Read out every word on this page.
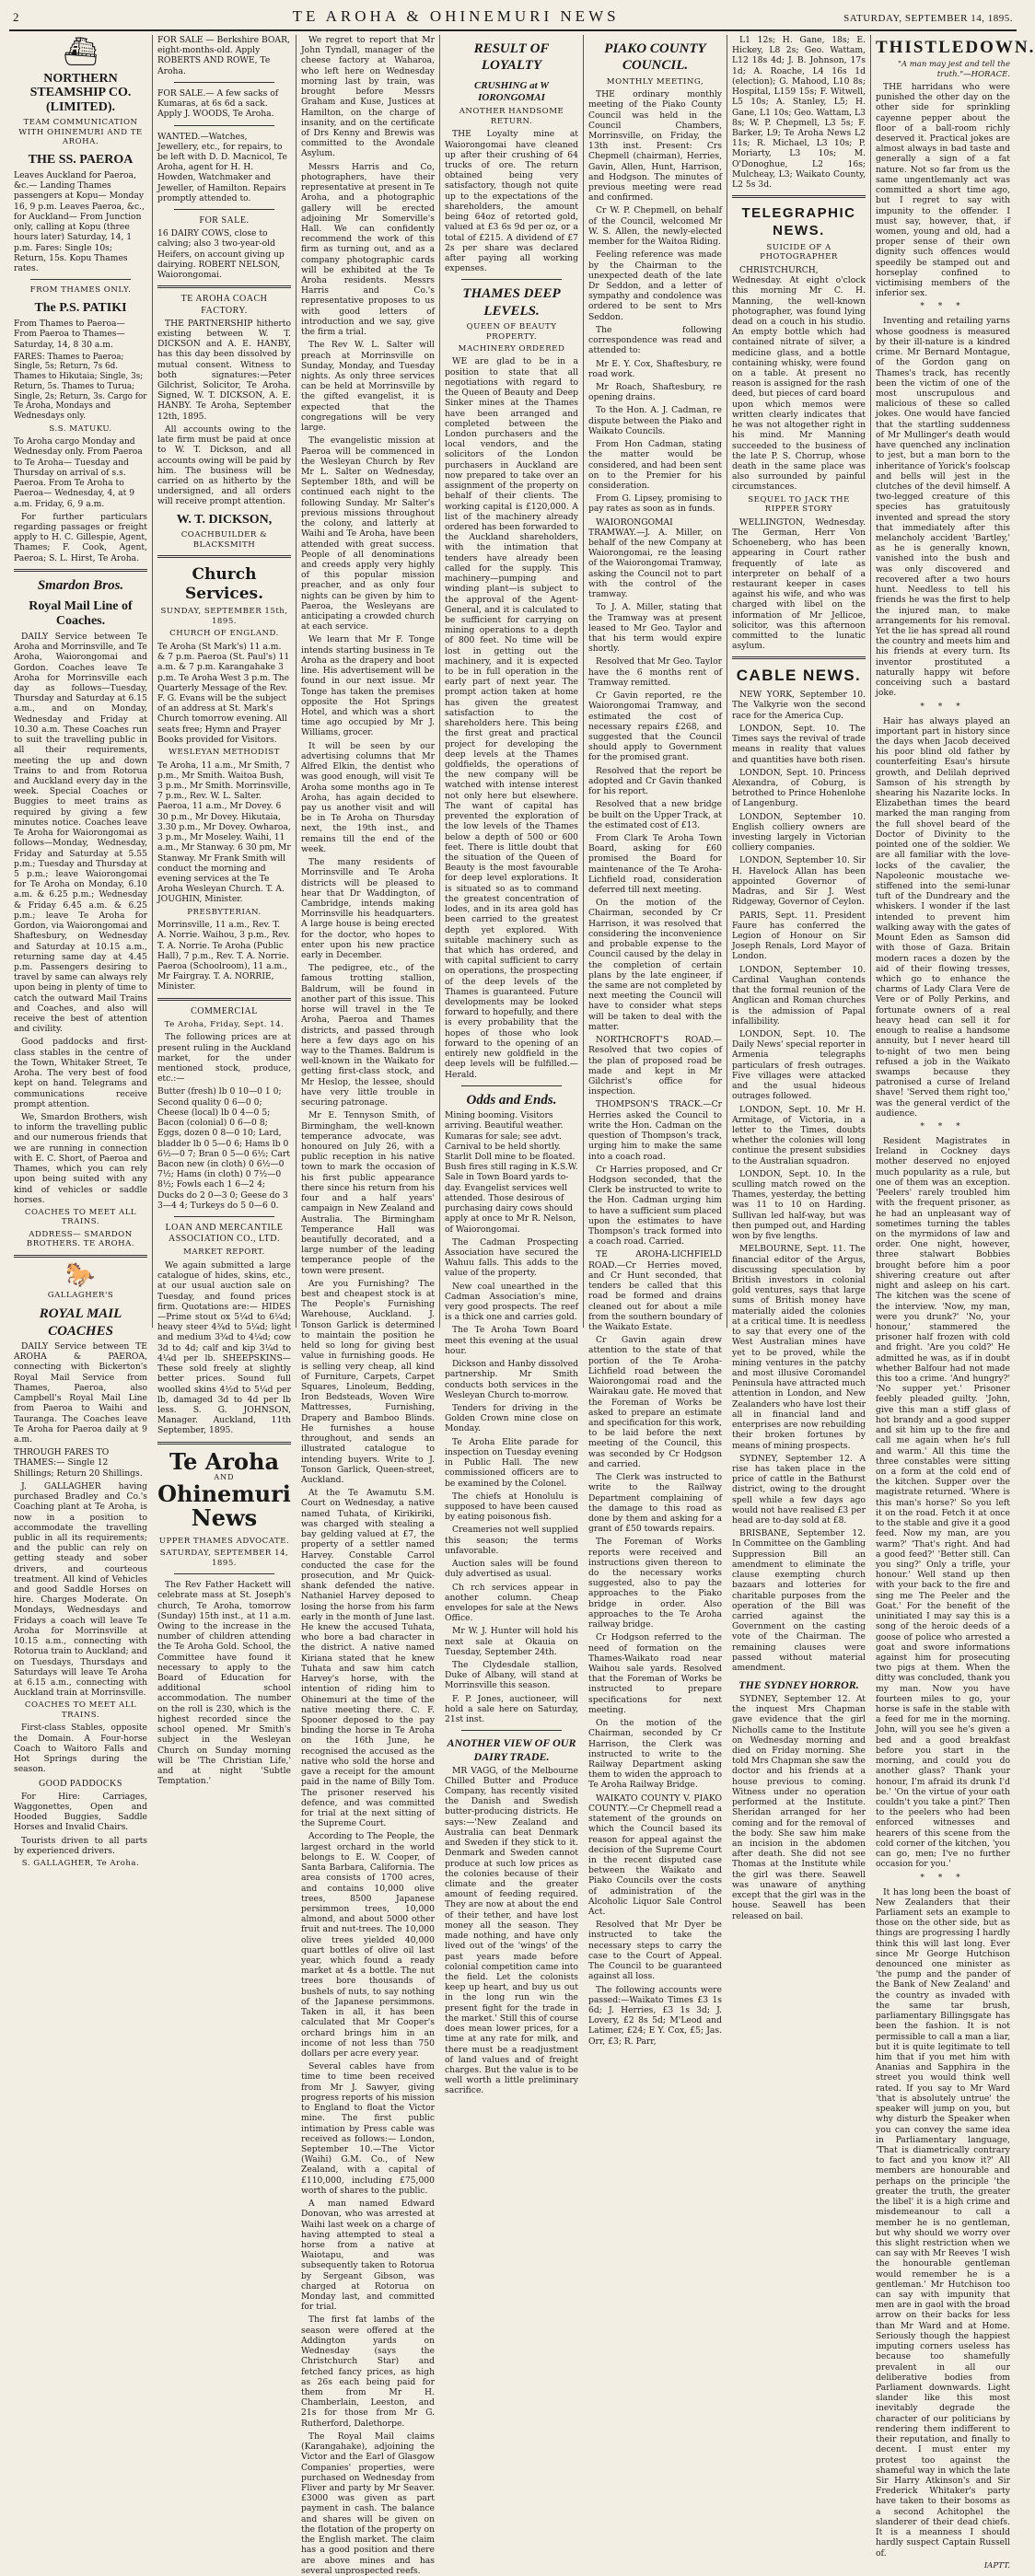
2	TE AROHA & OHINEMURI NEWS	SATURDAY, SEPTEMBER 14, 1895.
⛴
NORTHERN STEAMSHIP CO. (LIMITED).
TEAM COMMUNICATION WITH OHINEMURI AND TE AROHA.
THE SS. PAEROA

Leaves Auckland for Paeroa, &c.— Landing Thames passengers at Kopu— Monday 16, 9 p.m. Leaves Paeroa, &c., for Auckland— From Junction only, calling at Kopu (three hours later) Saturday, 14, 1 p.m. Fares: Single 10s; Return, 15s. Kopu Thames rates.

FROM THAMES ONLY.
The P.S. PATIKI

From Thames to Paeroa— From Paeroa to Thames— Saturday, 14, 8 30 a.m.

FARES: Thames to Paeroa; Single, 5s; Return, 7s 6d. Thames to Hikutaia; Single, 3s; Return, 5s. Thames to Turua; Single, 2s; Return, 3s. Cargo for Te Aroha, Mondays and Wednesdays only.

S.S. MATUKU.

To Aroha cargo Monday and Wednesday only. From Paeroa to Te Aroha— Tuesday and Thursday on arrival of s.s. Paeroa. From Te Aroha to Paeroa— Wednesday, 4, at 9 a.m. Friday, 6, 9 a.m.

For further particulars regarding passages or freight apply to H. C. Gillespie, Agent, Thames; F. Cook, Agent, Paeroa; S. L. Hirst, Te Aroha.

Smardon Bros.
Royal Mail Line of Coaches.

DAILY Service between Te Aroha and Morrinsville, and Te Aroha, Waiorongomai and Gordon. Coaches leave Te Aroha for Morrinsville each day as follows—Tuesday, Thursday and Saturday at 6.15 a.m., and on Monday, Wednesday and Friday at 10.30 a.m. These Coaches run to suit the travelling public in all their requirements, meeting the up and down Trains to and from Rotorua and Auckland every day in the week. Special Coaches or Buggies to meet trains as required by giving a few minutes notice. Coaches leave Te Aroha for Waiorongomai as follows—Monday, Wednesday, Friday and Saturday at 5.55 p.m.; Tuesday and Thursday at 5 p.m.; leave Waiorongomai for Te Aroha on Monday, 6.10 a.m. & 6.25 p.m.; Wednesday & Friday 6.45 a.m. & 6.25 p.m.; leave Te Aroha for Gordon, via Waiorongomai and Shaftesbury, on Wednesday and Saturday at 10.15 a.m., returning same day at 4.45 p.m. Passengers desiring to travel by same can always rely upon being in plenty of time to catch the outward Mail Trains and Coaches, and also will receive the best of attention and civility.

Good paddocks and first-class stables in the centre of the Town, Whitaker Street, Te Aroha. The very best of food kept on hand. Telegrams and communications receive prompt attention.

We, Smardon Brothers, wish to inform the travelling public and our numerous friends that we are running in connection with E. C. Short, of Paeroa and Thames, which you can rely upon being suited with any kind of vehicles or saddle horses.

COACHES TO MEET ALL TRAINS.
ADDRESS— SMARDON BROTHERS. TE AROHA.
🐎
GALLAGHER'S
ROYAL MAIL COACHES

DAILY Service between TE AROHA & PAEROA, connecting with Bickerton's Royal Mail Service from Thames, Paeroa, also Campbell's Royal Mail Line from Paeroa to Waihi and Tauranga. The Coaches leave Te Aroha for Paeroa daily at 9 a.m.

THROUGH FARES TO THAMES:— Single 12 Shillings; Return 20 Shillings.

J. GALLAGHER having purchased Bradley and Co.'s Coaching plant at Te Aroha, is now in a position to accommodate the travelling public in all its requirements; and the public can rely on getting steady and sober drivers, and courteous treatment. All kind of Vehicles and good Saddle Horses on hire. Charges Moderate. On Mondays, Wednesdays and Fridays a coach will leave Te Aroha for Morrinsville at 10.15 a.m., connecting with Rotorua train to Auckland; and on Tuesdays, Thursdays and Saturdays will leave Te Aroha at 6.15 a.m., connecting with Auckland train at Morrinsville.

COACHES TO MEET ALL TRAINS.

First-class Stables, opposite the Domain. A Four-horse Coach to Waitoro Falls and Hot Springs during the season.

GOOD PADDOCKS

For Hire: Carriages, Waggonettes, Open and Hooded Buggies, Saddle Horses and Invalid Chairs.

Tourists driven to all parts by experienced drivers.

S. GALLAGHER, Te Aroha.

FOR SALE — Berkshire BOAR, eight-months-old. Apply ROBERTS AND ROWE, Te Aroha.

FOR SALE.— A few sacks of Kumaras, at 6s 6d a sack. Apply J. WOODS, Te Aroha.

WANTED.—Watches, Jewellery, etc., for repairs, to be left with D. D. Macnicol, Te Aroha, agent for H. H. Howden, Watchmaker and Jeweller, of Hamilton. Repairs promptly attended to.

FOR SALE.

16 DAIRY COWS, close to calving; also 3 two-year-old Heifers, on account giving up dairying. ROBERT NELSON, Waiorongomai.

TE AROHA COACH FACTORY.

THE PARTNERSHIP hitherto existing between W. T. DICKSON and A. E. HANBY, has this day been dissolved by mutual consent. Witness to both signatures:—Peter Gilchrist, Solicitor, Te Aroha. Signed, W. T. DICKSON, A. E. HANBY. Te Aroha, September 12th, 1895.

All accounts owing to the late firm must be paid at once to W. T. Dickson, and all accounts owing will be paid by him. The business will be carried on as hitherto by the undersigned, and all orders will receive prompt attention.

W. T. DICKSON,
COACHBUILDER & BLACKSMITH
Church Services.
SUNDAY, SEPTEMBER 15th, 1895.
CHURCH OF ENGLAND.

Te Aroha (St Mark's) 11 a.m. & 7 p.m. Paeroa (St. Paul's) 11 a.m. & 7 p.m. Karangahake 3 p.m. Te Aroha West 3 p.m. The Quarterly Message of the Rev. F. G. Evans will be the subject of an address at St. Mark's Church tomorrow evening. All seats free; Hymn and Prayer Books provided for Visitors.

WESLEYAN METHODIST

Te Aroha, 11 a.m., Mr Smith, 7 p.m., Mr Smith. Waitoa Bush, 3 p.m., Mr Smith. Morrinsville, 7 p.m., Rev. W. L. Salter. Paeroa, 11 a.m., Mr Dovey. 6 30 p.m., Mr Dovey. Hikutaia, 3.30 p.m., Mr Dovey. Owharoa, 3 p.m., Mr Moseley. Waihi, 11 a.m., Mr Stanway. 6 30 pm, Mr Stanway. Mr Frank Smith will conduct the morning and evening services at the Te Aroha Wesleyan Church. T. A. JOUGHIN, Minister.

PRESBYTERIAN.

Morrinsville, 11 a.m., Rev. T. A. Norrie. Waihou, 3 p.m., Rev. T. A. Norrie. Te Aroha (Public Hall), 7 p.m., Rev. T. A. Norrie. Paeroa (Schoolroom), 11 a.m., Mr Fairgray. T. A. NORRIE, Minister.

COMMERCIAL
Te Aroha, Friday, Sept. 14.

The following prices are at present ruling in the Auckland market, for the under mentioned stock, produce, etc.:—

Butter (fresh) lb 0 10—0 1 0; Second quality 0 6—0 0; Cheese (local) lb 0 4—0 5; Bacon (colonial) 0 6—0 8; Eggs, dozen 0 8—0 10; Lard, bladder lb 0 5—0 6; Hams lb 0 6½—0 7; Bran 0 5—0 6½; Cart Bacon new (in cloth) 0 6½—0 7½; Hams (in cloth) 0 7½—0 8½; Fowls each 1 6—2 4; Ducks do 2 0—3 0; Geese do 3 3—4 4; Turkeys do 5 0—6 0.

LOAN AND MERCANTILE ASSOCIATION CO., LTD.
MARKET REPORT.

We again submitted a large catalogue of hides, skins, etc., at our usual auction sale on Tuesday, and found prices firm. Quotations are:— HIDES—Prime stout ox 5¼d to 6¼d; heavy steer 4¾d to 5¼d; light and medium 3¾d to 4¼d; cow 3d to 4d; calf and kip 3¼d to 4¼d per lb. SHEEPSKINS—These sold freely at slightly better prices. Sound full woolled skins 4½d to 5¼d per lb, damaged 3d to 4d per lb less. S. G. JOHNSON, Manager. Auckland, 11th September, 1895.

Te Aroha
AND
Ohinemuri News
UPPER THAMES ADVOCATE.
SATURDAY, SEPTEMBER 14, 1895.

The Rev Father Hackett will celebrate mass at St. Joseph's church, Te Aroha, tomorrow (Sunday) 15th inst., at 11 a.m. Owing to the increase in the number of children attending the Te Aroha Gold. School, the Committee have found it necessary to apply to the Board of Education for additional school accommodation. The number on the roll is 230, which is the highest recorded since the school opened. Mr Smith's subject in the Wesleyan Church on Sunday morning will be 'The Christian Life,' and at night 'Subtle Temptation.'

We regret to report that Mr John Tyndall, manager of the cheese factory at Waharoa, who left here on Wednesday morning last by train, was brought before Messrs Graham and Kuse, Justices at Hamilton, on the charge of insanity, and on the certificate of Drs Kenny and Brewis was committed to the Avondale Asylum.

Messrs Harris and Co, photographers, have their representative at present in Te Aroha, and a photographic gallery will be erected adjoining Mr Somerville's Hall. We can confidently recommend the work of this firm as turning out, and as a company photographic cards will be exhibited at the Te Aroha residents. Messrs Harris and Co.'s representative proposes to us with good letters of introduction and we say, give the firm a trial.

The Rev W. L. Salter will preach at Morrinsville on Sunday, Monday, and Tuesday nights. As only three services can be held at Morrinsville by the gifted evangelist, it is expected that the congregations will be very large.

The evangelistic mission at Paeroa will be commenced in the Wesleyan Church by Rev Mr L. Salter on Wednesday, September 18th, and will be continued each night to the following Sunday. Mr Salter's previous missions throughout the colony, and latterly at Waihi and Te Aroha, have been attended with great success. People of all denominations and creeds apply very highly of this popular mission preacher, and as only four nights can be given by him to Paeroa, the Wesleyans are anticipating a crowded church at each service.

We learn that Mr F. Tonge intends starting business in Te Aroha as the drapery and boot line. His advertisement will be found in our next issue. Mr Tonge has taken the premises opposite the Hot Springs Hotel, and which was a short time ago occupied by Mr J. Williams, grocer.

It will be seen by our advertising columns that Mr Alfred Elkin, the dentist who was good enough, will visit Te Aroha some months ago in Te Aroha, has again decided to pay us another visit and will be in Te Aroha on Thursday next, the 19th inst., and remains till the end of the week.

The many residents of Morrinsville and Te Aroha districts will be pleased to hear that Dr Waddington, of Cambridge, intends making Morrinsville his headquarters. A large house is being erected for the doctor, who hopes to enter upon his new practice early in December.

The pedigree, etc., of the famous trotting stallion, Baldrum, will be found in another part of this issue. This horse will travel in the Te Aroha, Paeroa and Thames districts, and passed through here a few days ago on his way to the Thames. Baldrum is well-known in the Waikato for getting first-class stock, and Mr Heslop, the lessee, should have very little trouble in securing patronage.

Mr E. Tennyson Smith, of Birmingham, the well-known temperance advocate, was honoured on July 26, with a public reception in his native town to mark the occasion of his first public appearance there since his return from his four and a half years' campaign in New Zealand and Australia. The Birmingham Temperance Hall was beautifully decorated, and a large number of the leading temperance people of the town were present.

Are you Furnishing? The best and cheapest stock is at The People's Furnishing Warehouse, Auckland. J. Tonson Garlick is determined to maintain the position he held so long for giving best value in furnishing goods. He is selling very cheap, all kind of Furniture, Carpets, Carpet Squares, Linoleum, Bedding, Iron Bedsteads, Woven Wire Mattresses, Furnishing, Drapery and Bamboo Blinds. He furnishes a house throughout, and sends an illustrated catalogue to intending buyers. Write to J. Tonson Garlick, Queen-street, Auckland.

At the Te Awamutu S.M. Court on Wednesday, a native named Tuhata, of Kirikiriki, was charged with stealing a bay gelding valued at £7, the property of a settler named Harvey. Constable Carrol conducted the case for the prosecution, and Mr Quick-shank defended the native. Nathaniel Harvey deposed to losing the horse from his farm early in the month of June last. He knew the accused Tuhata, who bore a bad character in the district. A native named Kiriana stated that he knew Tuhata and saw him catch Harvey's horse, with the intention of riding him to Ohinemuri at the time of the native meeting there. C. F. Spooner deposed to the pay binding the horse in Te Aroha on the 16th June, he recognised the accused as the native who sold the horse and gave a receipt for the amount paid in the name of Billy Tom. The prisoner reserved his defence, and was committed for trial at the next sitting of the Supreme Court.

According to The People, the largest orchard in the world belongs to E. W. Cooper, of Santa Barbara, California. The area consists of 1700 acres, and contains 10,000 olive trees, 8500 Japanese persimmon trees, 10,000 almond, and about 5000 other fruit and nut-trees. The 10,000 olive trees yielded 40,000 quart bottles of olive oil last year, which found a ready market at 4s a bottle. The nut trees bore thousands of bushels of nuts, to say nothing of the Japanese persimmons. Taken in all, it has been calculated that Mr Cooper's orchard brings him in an income of not less than 750 dollars per acre every year.

Several cables have from time to time been received from Mr J. Sawyer, giving progress reports of his mission to England to float the Victor mine. The first public intimation by Press cable was received as follows:— London, September 10.—The Victor (Waihi) G.M. Co., of New Zealand, with a capital of £110,000, including £75,000 worth of shares to the public.

A man named Edward Donovan, who was arrested at Waihi last week on a charge of having attempted to steal a horse from a native at Waiotapu, and was subsequently taken to Rotorua by Sergeant Gibson, was charged at Rotorua on Monday last, and committed for trial.

The first fat lambs of the season were offered at the Addington yards on Wednesday (says the Christchurch Star) and fetched fancy prices, as high as 26s each being paid for them from Mr H. Chamberlain, Leeston, and 21s for those from Mr G. Rutherford, Dalethorpe.

The Royal Mail claims (Karangahake), adjoining the Victor and the Earl of Glasgow Companies' properties, were purchased on Wednesday from Fliver and party by Mr Seaver. £3000 was given as part payment in cash. The balance and shares will be given on the flotation of the property on the English market. The claim has a good position and there are above mines and has several unprospected reefs.

RESULT OF LOYALTY
CRUSHING at W IORONGOMAI
ANOTHER HANDSOME RETURN.

THE Loyalty mine at Waiorongomai have cleaned up after their crushing of 64 trucks of ore. The return obtained being very satisfactory, though not quite up to the expectations of the shareholders, the amount being 64oz of retorted gold, valued at £3 6s 9d per oz, or a total of £215. A dividend of £7 2s per share was declared after paying all working expenses.

THAMES DEEP LEVELS.
QUEEN OF BEAUTY PROPERTY.
MACHINERY ORDERED

WE are glad to be in a position to state that all negotiations with regard to the Queen of Beauty and Deep Sinker mines at the Thames have been arranged and completed between the London purchasers and the local vendors, and the solicitors of the London purchasers in Auckland are now prepared to take over an assignment of the property on behalf of their clients. The working capital is £120,000. A list of the machinery already ordered has been forwarded to the Auckland shareholders, with the intimation that tenders have already been called for the supply. This machinery—pumping and winding plant—is subject to the approval of the Agent-General, and it is calculated to be sufficient for carrying on mining operations to a depth of 800 feet. No time will be lost in getting out the machinery, and it is expected to be in full operation in the early part of next year. The prompt action taken at home has given the greatest satisfaction to the shareholders here. This being the first great and practical project for developing the deep levels at the Thames goldfields, the operations of the new company will be watched with intense interest not only here but elsewhere. The want of capital has prevented the exploration of the low levels of the Thames below a depth of 500 or 600 feet. There is little doubt that the situation of the Queen of Beauty is the most favourable for deep level explorations. It is situated so as to command the greatest concentration of lodes, and in its area gold has been carried to the greatest depth yet explored. With suitable machinery such as that which has ordered, and with capital sufficient to carry on operations, the prospecting of the deep levels of the Thames is guaranteed. Future developments may be looked forward to hopefully, and there is every probability that the hopes of those who look forward to the opening of an entirely new goldfield in the deep levels will be fulfilled.—Herald.

Odds and Ends.

Mining booming. Visitors arriving. Beautiful weather. Kumaras for sale; see advt. Carnival to be held shortly. Starlit Doll mine to be floated. Bush fires still raging in K.S.W. Sale in Town Board yards to-day. Evangelist services well attended. Those desirous of purchasing dairy cows should apply at once to Mr R. Nelson, of Waiorongomai.

The Cadman Prospecting Association have secured the Wahuu falls. This adds to the value of the property.

New coal unearthed in the Cadman Association's mine, very good prospects. The reef is a thick one and carries gold.

The Te Aroha Town Board meet this evening at the usual hour.

Dickson and Hanby dissolved partnership. Mr Smith conducts both services in the Wesleyan Church to-morrow.

Tenders for driving in the Golden Crown mine close on Monday.

Te Aroha Elite parade for inspection on Tuesday evening in Public Hall. The new commissioned officers are to be examined by the Colonel.

The chiefs at Honolulu is supposed to have been caused by eating poisonous fish.

Creameries not well supplied this season; the terms unfavorable.

Auction sales will be found duly advertised as usual.

Ch rch services appear in another column. Cheap envelopes for sale at the News Office.

Mr W. J. Hunter will hold his next sale at Okauia on Tuesday, September 24th.

The Clydesdale stallion, Duke of Albany, will stand at Morrinsville this season.

F. P. Jones, auctioneer, will hold a sale here on Saturday, 21st inst.

ANOTHER VIEW OF OUR DAIRY TRADE.

MR VAGG, of the Melbourne Chilled Butter and Produce Company, has recently visited the Danish and Swedish butter-producing districts. He says:—'New Zealand and Australia can beat Denmark and Sweden if they stick to it. Denmark and Sweden cannot produce at such low prices as the colonies because of their climate and the greater amount of feeding required. They are now at about the end of their tether, and have lost money all the season. They made nothing, and have only lived out of the 'wings' of the past years made before colonial competition came into the field. Let the colonists keep up heart, and buy us out in the long run win the present fight for the trade in the market.' Still this of course does mean lower prices, for a time at any rate for milk, and there must be a readjustment of land values and of freight charges. But the value is to be well worth a little preliminary sacrifice.

PIAKO COUNTY COUNCIL.
MONTHLY MEETING,

THE ordinary monthly meeting of the Piako County Council was held in the Council Chambers, Morrinsville, on Friday, the 13th inst. Present: Crs Chepmell (chairman), Herries, Gavin, Allen, Hunt, Harrison, and Hodgson. The minutes of previous meeting were read and confirmed.

Cr W. P. Chepmell, on behalf of the Council, welcomed Mr W. S. Allen, the newly-elected member for the Waitoa Riding.

Feeling reference was made by the Chairman to the unexpected death of the late Dr Seddon, and a letter of sympathy and condolence was ordered to be sent to Mrs Seddon.

The following correspondence was read and attended to:

Mr E. Y. Cox, Shaftesbury, re road work.

Mr Roach, Shaftesbury, re opening drains.

To the Hon. A. J. Cadman, re dispute between the Piako and Waikato Councils.

From Hon Cadman, stating the matter would be considered, and had been sent on to the Premier for his consideration.

From G. Lipsey, promising to pay rates as soon as in funds.

WAIORONGOMAI TRAMWAY.—J. A. Miller, on behalf of the new Company at Waiorongomai, re the leasing of the Waiorongomai Tramway, asking the Council not to part with the control of the tramway.

To J. A. Miller, stating that the Tramway was at present leased to Mr Geo. Taylor and that his term would expire shortly.

Resolved that Mr Geo. Taylor have the 6 months rent of Tramway remitted.

Cr Gavin reported, re the Waiorongomai Tramway, and estimated the cost of necessary repairs £268, and suggested that the Council should apply to Government for the promised grant.

Resolved that the report be adopted and Cr Gavin thanked for his report.

Resolved that a new bridge be built on the Upper Track, at the estimated cost of £13.

From Clark Te Aroha Town Board, asking for £60 promised the Board for maintenance of the Te Aroha-Lichfield road, consideration deferred till next meeting.

On the motion of the Chairman, seconded by Cr Harrison, it was resolved that considering the inconvenience and probable expense to the Council caused by the delay in the completion of certain plans by the late engineer, if the same are not completed by next meeting the Council will have to consider what steps will be taken to deal with the matter.

NORTHCROFT'S ROAD.—Resolved that two copies of the plan of proposed road be made and kept in Mr Gilchrist's office for inspection.

THOMPSON'S TRACK.—Cr Herries asked the Council to write the Hon. Cadman on the question of Thompson's track, urging him to make the same into a coach road.

Cr Harries proposed, and Cr Hodgson seconded, that the Clerk be instructed to write to the Hon. Cadman urging him to have a sufficient sum placed upon the estimates to have Thompson's track formed into a coach road. Carried.

TE AROHA-LICHFIELD ROAD.—Cr Herries moved, and Cr Hunt seconded, that tenders be called that this road be formed and drains cleaned out for about a mile from the southern boundary of the Waikato Estate.

Cr Gavin again drew attention to the state of that portion of the Te Aroha-Lichfield road between the Waiorongomai road and the Wairakau gate. He moved that the Foreman of Works be asked to prepare an estimate and specification for this work, to be laid before the next meeting of the Council, this was seconded by Cr Hodgson and carried.

The Clerk was instructed to write to the Railway Department complaining of the damage to this road as done by them and asking for a grant of £50 towards repairs.

The Foreman of Works reports were received and instructions given thereon to do the necessary works suggested, also to pay the approaches to the Piako bridge in order. Also approaches to the Te Aroha railway bridge.

Cr Hodgson referred to the need of formation on the Thames-Waikato road near Waihou sale yards. Resolved that the Foreman of Works be instructed to prepare specifications for next meeting.

On the motion of the Chairman, seconded by Cr Harrison, the Clerk was instructed to write to the Railway Department asking them to widen the approach to Te Aroha Railway Bridge.

WAIKATO COUNTY V. PIAKO COUNTY.—Cr Chepmell read a statement of the grounds on which the Council based its reason for appeal against the decision of the Supreme Court in the recent disputed case between the Waikato and Piako Councils over the costs of administration of the Alcoholic Liquor Sale Control Act.

Resolved that Mr Dyer be instructed to take the necessary steps to carry the case to the Court of Appeal. The Council to be guaranteed against all loss.

The following accounts were passed:—Waikato Times £3 1s 6d; J. Herries, £3 1s 3d; J. Lovery, £2 8s 5d; M'Leod and Latimer, £24; E Y. Cox, £5; Jas. Orr, £3; R. Parr,

L1 12s; H. Gane, 18s; E. Hickey, L8 2s; Geo. Wattam, L12 18s 4d; J. B. Johnson, 17s 1d; A. Roache, L4 16s 1d (election); G. Mahood, L10 8s; Hospital, L159 15s; F. Witwell, L5 10s; A. Stanley, L5; H. Gane, L1 10s; Geo. Wattam, L3 8s; W. P. Chepmell, L3 5s; F. Barker, L9; Te Aroha News L2 11s; R. Michael, L3 10s; P. Moriarty, L3 10s; M. O'Donoghue, L2 16s; Mulcheay, L3; Waikato County, L2 5s 3d.

TELEGRAPHIC NEWS.
SUICIDE OF A PHOTOGRAPHER

CHRISTCHURCH, Wednesday. At eight o'clock this morning Mr C. H. Manning, the well-known photographer, was found lying dead on a couch in his studio. An empty bottle which had contained nitrate of silver, a medicine glass, and a bottle containing whisky, were found on a table. At present no reason is assigned for the rash deed, but pieces of card board upon which memos were written clearly indicates that he was not altogether right in his mind. Mr Manning succeeded to the business of the late P. S. Chorrup, whose death in the same place was also surrounded by painful circumstances.

SEQUEL TO JACK THE RIPPER STORY

WELLINGTON, Wednesday. The German, Herr Von Schoeneberg, who has been appearing in Court rather frequently of late as interpreter on behalf of a restaurant keeper in cases against his wife, and who was charged with libel on the information of Mr Jellicoe, solicitor, was this afternoon committed to the lunatic asylum.

CABLE NEWS.

NEW YORK, September 10. The Valkyrie won the second race for the America Cup.

LONDON, Sept. 10. The Times says the revival of trade means in reality that values and quantities have both risen.

LONDON, Sept. 10. Princess Alexandra, of Coburg, is betrothed to Prince Hohenlohe of Langenburg.

LONDON, September 10. English colliery owners are investing largely in Victorian colliery companies.

LONDON, September 10. Sir H. Havelock Allan has been appointed Governor of Madras, and Sir J. West Ridgeway, Governor of Ceylon.

PARIS, Sept. 11. President Faure has conferred the Legion of Honour on Sir Joseph Renals, Lord Mayor of London.

LONDON, September 10. Cardinal Vaughan contends that the formal reunion of the Anglican and Roman churches is the admission of Papal infallibility.

LONDON, Sept. 10. The Daily News' special reporter in Armenia telegraphs particulars of fresh outrages. Five villages were attacked and the usual hideous outrages followed.

LONDON, Sept. 10. Mr H. Armitage, of Victoria, in a letter to the Times, doubts whether the colonies will long continue the present subsidies to the Australian squadron.

LONDON, Sept. 10. In the sculling match rowed on the Thames, yesterday, the betting was 11 to 10 on Harding. Sullivan led half-way, but was then pumped out, and Harding won by five lengths.

MELBOURNE, Sept. 11. The financial editor of the Argus, discussing speculation by British investors in colonial gold ventures, says that large sums of British money have materially aided the colonies at a critical time. It is needless to say that every one of the West Australian mines have yet to be proved, while the mining ventures in the patchy and most illusive Coromandel Peninsula have attracted much attention in London, and New Zealanders who have lost their all in financial land and enterprises are now rebuilding their broken fortunes by means of mining prospects.

SYDNEY, September 12. A rise has taken place in the price of cattle in the Bathurst district, owing to the drought spell while a few days ago would not have realised £3 per head are to-day sold at £8.

BRISBANE, September 12. In Committee on the Gambling Suppression Bill an amendment to eliminate the clause exempting church bazaars and lotteries for charitable purposes from the operation of the Bill was carried against the Government on the casting vote of the Chairman. The remaining clauses were passed without material amendment.

THE SYDNEY HORROR.

SYDNEY, September 12. At the inquest Mrs Chapman gave evidence that the girl Nicholls came to the Institute on Wednesday morning and died on Friday morning. She told Mrs Chapman she saw the doctor and his friends at a house previous to coming. Witness under no operation performed at the Institute. Sheridan arranged for her coming and for the removal of the body. She saw him make an incision in the abdomen after death. She did not see Thomas at the Institute while the girl was there. Seawell was unaware of anything except that the girl was in the house. Seawell has been released on bail.

THISTLEDOWN.
"A man may jest and tell the truth."—HORACE.

THE harridans who were punished the other day on the other side for sprinkling cayenne pepper about the floor of a ball-room richly deserved it. Practical jokes are almost always in bad taste and generally a sign of a fat nature. Not so far from us the same ungentlemanly act was committed a short time ago, but I regret to say with impunity to the offender. I must say, however, that, if women, young and old, had a proper sense of their own dignity such offences would speedily be stamped out and horseplay confined to victimising members of the inferior sex.

* * *

Inventing and retailing yarns whose goodness is measured by their ill-nature is a kindred crime. Mr Bernard Montague, of the Gordon gang on Thames's track, has recently been the victim of one of the most unscrupulous and malicious of these so called jokes. One would have fancied that the startling suddenness of Mr Mullinger's death would have quenched any inclination to jest, but a man born to the inheritance of Yorick's foolscap and bells will jest in the clutches of the devil himself. A two-legged creature of this species has gratuitously invented and spread the story that immediately after this melancholy accident 'Bartley,' as he is generally known, vanished into the bush and was only discovered and recovered after a two hours hunt. Needless to tell his friends he was the first to help the injured man, to make arrangements for his removal. Yet the lie has spread all round the country and meets him and his friends at every turn. Its inventor prostituted a naturally happy wit before conceiving such a bastard joke.

* * *

Hair has always played an important part in history since the days when Jacob deceived his poor blind old father by counterfeiting Esau's hirsute growth, and Delilah deprived Samson of his strength by shearing his Nazarite locks. In Elizabethan times the beard marked the man ranging from the full shovel beard of the Doctor of Divinity to the pointed one of the soldier. We are all familiar with the love-locks of the cavalier, the Napoleonic moustache we-stiffened into the semi-lunar tuft of the Dundreary and the whiskers. I wonder if the last intended to prevent him walking away with the gates of Mount Eden as Samson did with those of Gaza. Britain modern races a dozen by the aid of their flowing tresses, which go to enhance the charms of Lady Clara Vere de Vere or of Polly Perkins, and fortunate owners of a real heavy head can sell it for enough to realise a handsome annuity, but I never heard till to-night of two men being refused a job in the Waikato swamps because they patronised a curse of Ireland shave! 'Served them right too,' was the general verdict of the audience.

* * *

Resident Magistrates in Ireland in Cockney days mother deserved no enjoyed much popularity as a rule, but one of them was an exception. 'Peelers' rarely troubled him with the frequent prisoner, as he had an unpleasant way of sometimes turning the tables on the myrmidons of law and order. One night, however, three stalwart Bobbies brought before him a poor shivering creature out after night and asleep on his cart. The kitchen was the scene of the interview. 'Now, my man, were you drunk?' 'No, your honour,' stammered the prisoner half frozen with cold and fright. 'Are you cold?' He admitted he was, as if in doubt whether Balfour had not made this too a crime. 'And hungry?' 'No supper yet.' Prisoner feebly pleaded guilty. 'John, give this man a stiff glass of hot brandy and a good supper and sit him up to the fire and call me again when he's full and warm.' All this time the three constables were sitting on a form at the cold end of the kitchen. Supper over the magistrate returned. 'Where is this man's horse?' So you left it on the road. Fetch it at once to the stable and give it a good feed. Now my man, are you warm?' 'That's right. And had a good feed?' 'Better still. Can you sing?' Only a trifle, your honour.' Well stand up then with your back to the fire and sing me The Peeler and the Goat.' For the benefit of the uninitiated I may say this is a song of the heroic deeds of a goose of police who arrested a goat and swore informations against him for prosecuting two pigs at them. When the ditty was concluded, thank you my man. Now you have fourteen miles to go, your horse is safe in the stable with a feed for me in the morning. John, will you see he's given a bed and a good breakfast before you start in the morning, and could you do another glass? Thank your honour, I'm afraid its drunk I'd be.' 'On the virtue of your oath couldn't you take a pint?' Then to the peelers who had been enforced witnesses and hearers of this scene from the cold corner of the kitchen, 'you can go, men; I've no further occasion for you.'

* * *

It has long been the boast of New Zealanders that their Parliament sets an example to those on the other side, but as things are progressing I hardly think this will last long. Ever since Mr George Hutchison denounced one minister as 'the pump and the pander of the Bank of New Zealand' and the country as invaded with the same tar brush, parliamentary Billingsgate has been the fashion. It is not permissible to call a man a liar, but it is quite legitimate to tell him that if you met him with Ananias and Sapphira in the street you would think well rated. If you say to Mr Ward 'that is absolutely untrue' the speaker will jump on you, but why disturb the Speaker when you can convey the same idea in Parliamentary language, 'That is diametrically contrary to fact and you know it?' All members are honourable and perhaps on the principle 'the greater the truth, the greater the libel' it is a high crime and misdemeanour to call a member he is no gentleman, but why should we worry over this slight restriction when we can say with Mr Reeves 'I wish the honourable gentleman would remember he is a gentleman.' Mr Hutchison too can say with impunity that men are in gaol with the broad arrow on their backs for less than Mr Ward and at Home. Seriously though the happiest imputing corners useless has because too shamefully prevalent in all our deliberative bodies from Parliament downwards. Light slander like this most inevitably degrade the character of our politicians by rendering them indifferent to their reputation, and finally to decent. I must enter my protest too against the shameful way in which the late Sir Harry Atkinson's and Sir Frederick Whitaker's party have taken to their bosoms as a second Achitophel the slanderer of their dead chiefs. It is a meanness I should hardly suspect Captain Russell of.

IAPTT.
